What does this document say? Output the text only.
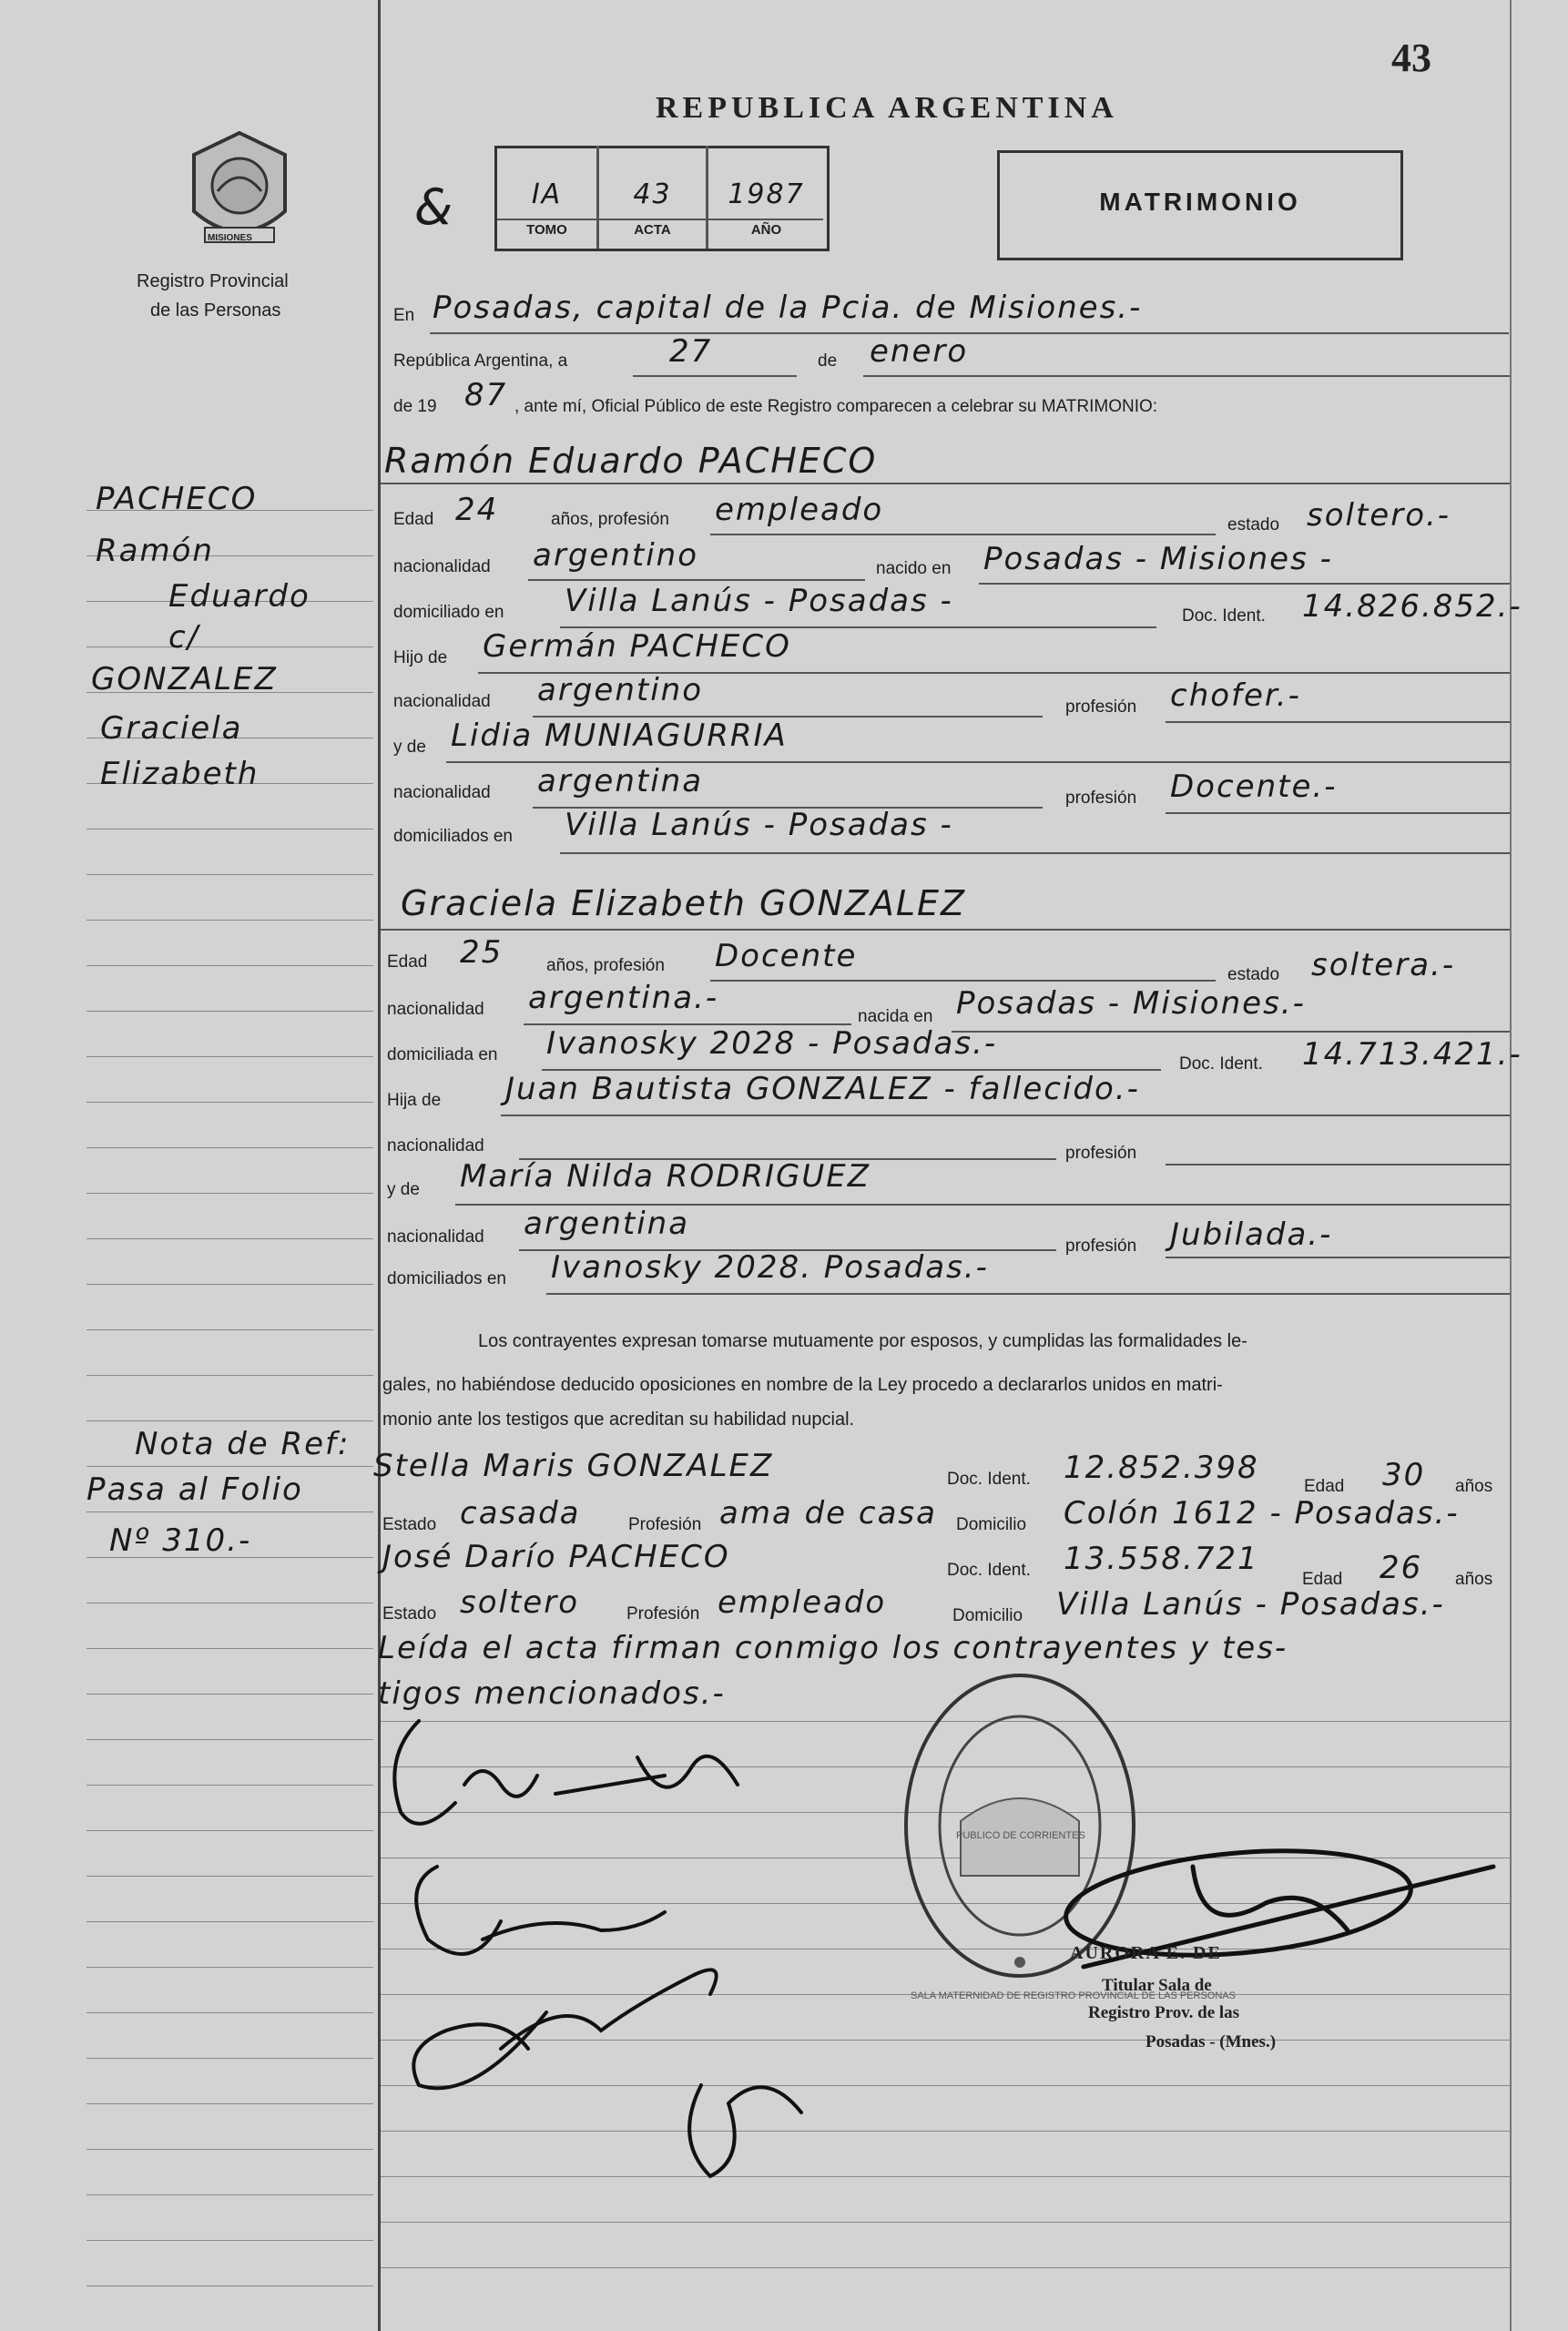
43
MISIONES
Registro Provincial
de las Personas
REPUBLICA ARGENTINA
IA	43	1987
TOMO	ACTA	AÑO
&	MATRIMONIO
En Posadas, capital de la Pcia. de Misiones.-
República Argentina, a	27	de enero
de 19 87 , ante mí, Oficial Público de este Registro comparecen a celebrar su MATRIMONIO:
Ramón Eduardo PACHECO
Edad 24	años, profesión empleado	estado soltero.-
nacionalidad argentino	nacido en Posadas - Misiones -
domiciliado en Villa Lanús - Posadas -	Doc. Ident. 14.826.852.-
Hijo de Germán PACHECO
nacionalidad argentino	profesión chofer.-
y de Lidia MUNIAGURRIA
nacionalidad argentina	profesión Docente.-
domiciliados en Villa Lanús - Posadas -
Graciela Elizabeth GONZALEZ
Edad 25	años, profesión Docente
estado soltera.-
nacionalidad argentina.-
nacida en Posadas - Misiones.-
domiciliada en Ivanosky 2028 - Posadas.-
Doc. Ident. 14.713.421.-
Hija de Juan Bautista GONZALEZ - fallecido.-
nacionalidad	profesión
y de María Nilda RODRIGUEZ
nacionalidad argentina
profesión Jubilada.-
domiciliados en Ivanosky 2028. Posadas.-
Los contrayentes expresan tomarse mutuamente por esposos, y cumplidas las formalidades le-
gales, no habiéndose deducido oposiciones en nombre de la Ley procedo a declararlos unidos en matri-
monio ante los testigos que acreditan su habilidad nupcial.
Stella Maris GONZALEZ	Doc. Ident. 12.852.398
Edad 30 años
Estado casada	Profesión ama de casa Domicilio Colón 1612 - Posadas.-
José Darío PACHECO	Doc. Ident. 13.558.721
Edad 26 años
Estado soltero	Profesión empleado	Domicilio Villa Lanús - Posadas.-
Leída el acta firman conmigo los contrayentes y tes-
tigos mencionados.-
PACHECO
Ramón
Eduardo
c/
GONZALEZ
Graciela
Elizabeth
Nota de Ref:
Pasa al Folio
Nº 310.-
SALA MATERNIDAD DE REGISTRO PROVINCIAL DE LAS PERSONAS
PUBLICO DE CORRIENTES
AURORA E. DE
Titular Sala de
Registro Prov. de las
Posadas - (Mnes.)
